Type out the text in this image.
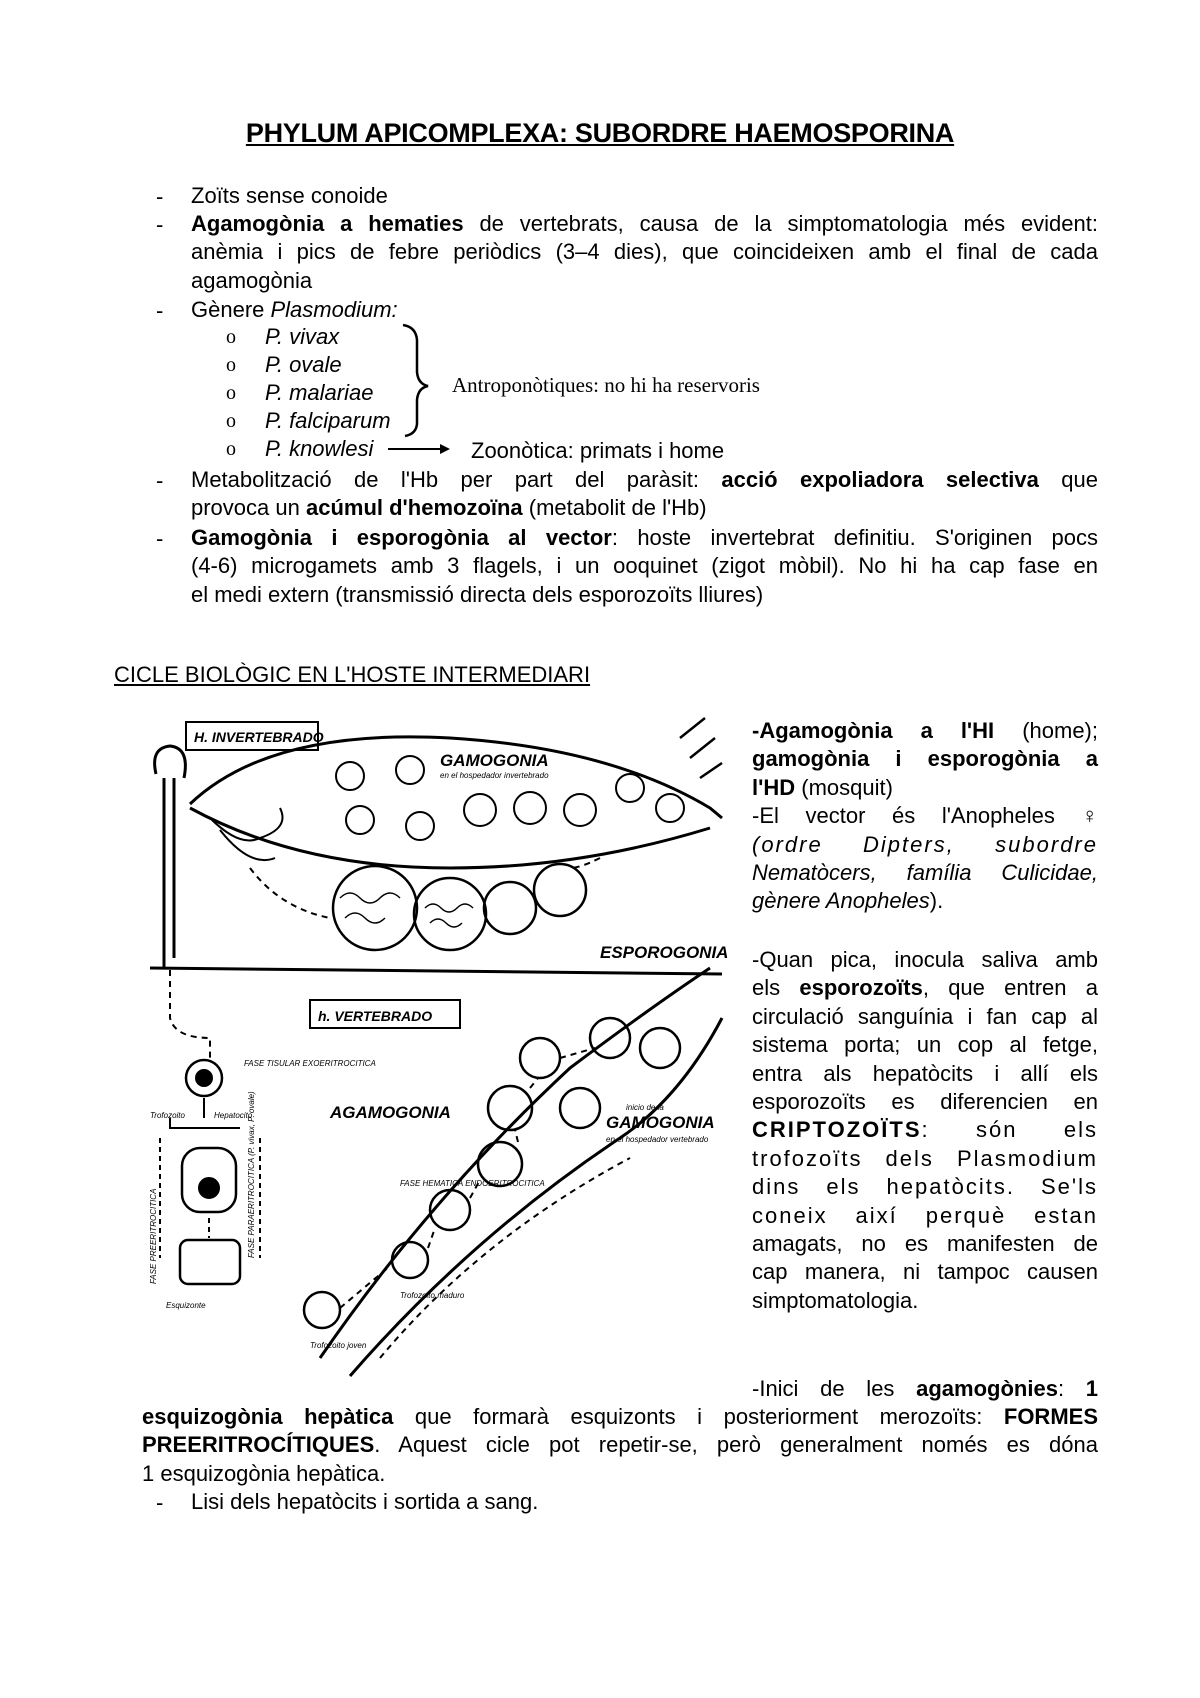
PHYLUM APICOMPLEXA: SUBORDRE HAEMOSPORINA
- Zoïts sense conoide
- Agamogònia a hematies de vertebrats, causa de la simptomatologia més evident:
anèmia i pics de febre periòdics (3–4 dies), que coincideixen amb el final de cada
agamogònia
- Gènere Plasmodium:
o P. vivax
o P. ovale
o P. malariae
o P. falciparum
o P. knowlesi
Antroponòtiques: no hi ha reservoris
Zoonòtica: primats i home
- Metabolització de l'Hb per part del paràsit: acció expoliadora selectiva que
provoca un acúmul d'hemozoïna (metabolit de l'Hb)
- Gamogònia i esporogònia al vector: hoste invertebrat definitiu. S'originen pocs
(4-6) microgamets amb 3 flagels, i un ooquinet (zigot mòbil). No hi ha cap fase en
el medi extern (transmissió directa dels esporozoïts lliures)
CICLE BIOLÒGIC EN L'HOSTE INTERMEDIARI
H. INVERTEBRADO
GAMOGONIA
en el hospedador invertebrado
ESPOROGONIA
h. VERTEBRADO
AGAMOGONIA
FASE TISULAR EXOERITROCITICA
Trofozoito	Hepatocito
FASE PREERITROCITICA	FASE PARAERITROCITICA (P. vivax, P. ovale)	FASE HEMATICA ENDOERITROCITICA
inicio de la
GAMOGONIA
en el hospedador vertebrado
Trofozoito joven
Trofozoito maduro
Esquizonte
-Agamogònia a l'HI (home);
gamogònia i esporogònia a
l'HD (mosquit)
-El vector és l'Anopheles ♀
(ordre Dipters, subordre
Nematòcers, família Culicidae,
gènere Anopheles).
-Quan pica, inocula saliva amb
els esporozoïts, que entren a
circulació sanguínia i fan cap al
sistema porta; un cop al fetge,
entra als hepatòcits i allí els
esporozoïts es diferencien en
CRIPTOZOÏTS: són els
trofozoïts dels Plasmodium
dins els hepatòcits. Se'ls
coneix així perquè estan
amagats, no es manifesten de
cap manera, ni tampoc causen
simptomatologia.
-Inici de les agamogònies: 1
esquizogònia hepàtica que formarà esquizonts i posteriorment merozoïts: FORMES
PREERITROCÍTIQUES. Aquest cicle pot repetir-se, però generalment només es dóna
1 esquizogònia hepàtica.
- Lisi dels hepatòcits i sortida a sang.
